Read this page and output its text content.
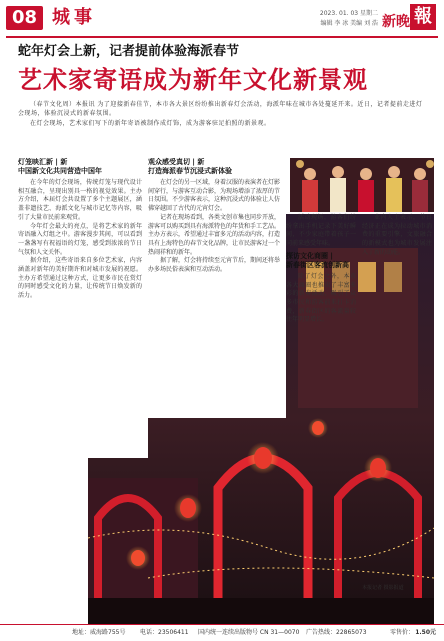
08 城事	2023. 01. 03 星期二
编辑 李 冰 美编 刘 浩 新晚 報
蛇年灯会上新，记者提前体验海派春节
艺术家寄语成为新年文化新景观

（春节文化周）本报讯 为了迎接新春佳节，本市各大景区纷纷推出新春灯会活动，海派年味在城市各处蔓延开来。近日，记者提前走进灯会现场，体验沉浸式的新春氛围。

在灯会现场，艺术家们写下的新年寄语被制作成灯饰，成为游客驻足拍照的新景观。

灯笼映汇新 | 新
中国新文化共同营造中国年

在今年的灯会现场，传统灯笼与现代设计相互融合，呈现出别具一格的视觉效果。主办方介绍，本届灯会共设置了多个主题展区，涵盖非遗技艺、海派文化与城市记忆等内容，吸引了大量市民前来观赏。

今年灯会最大的亮点，是将艺术家的新年寄语融入灯组之中。游客漫步其间，可以看到一盏盏写有祝福语的灯笼，感受到浓浓的节日气氛和人文关怀。

据介绍，这些寄语来自多位艺术家，内容涵盖对新年的美好期许和对城市发展的祝愿。主办方希望通过这种方式，让更多市民在赏灯的同时感受文化的力量，让传统节日焕发新的活力。

观众感受真切 | 新
打造海派春节沉浸式新体验

在灯会的另一区域，身着汉服的表演者在灯影间穿行，与游客互动合影，为现场增添了浓厚的节日氛围。不少游客表示，这种沉浸式的体验让人仿佛穿越回了古代的元宵灯会。

记者在现场看到，各类文创市集也同步开放，游客可以购买到具有海派特色的年货和手工艺品。主办方表示，希望通过丰富多元的活动内容，打造具有上海特色的春节文化品牌，让市民游客过一个热闹祥和的新年。

据了解，灯会将持续至元宵节后，期间还将举办多场民俗表演和互动活动。

活动现场，游客们纷纷拿出手机记录下美好瞬间，不少家庭带着孩子一同前来感受年味。

探访文化商圈 |
新春街区客流创新高

除了灯会之外，本市各大商圈也推出了丰富多彩的新春活动，吸引了众多市民和游客前来打卡消费，新春街区的客流量较往年明显增长。

业内人士表示，节日经济正在成为拉动城市消费的重要引擎，文旅融合的新模式也为城市发展注入了新的动能。

本报记者 摄影报道
地址：威海路755号 电话：23506411 国内统一连续出版物号 CN 31—0070 广告热线：22865073	零售价： 1.50元
